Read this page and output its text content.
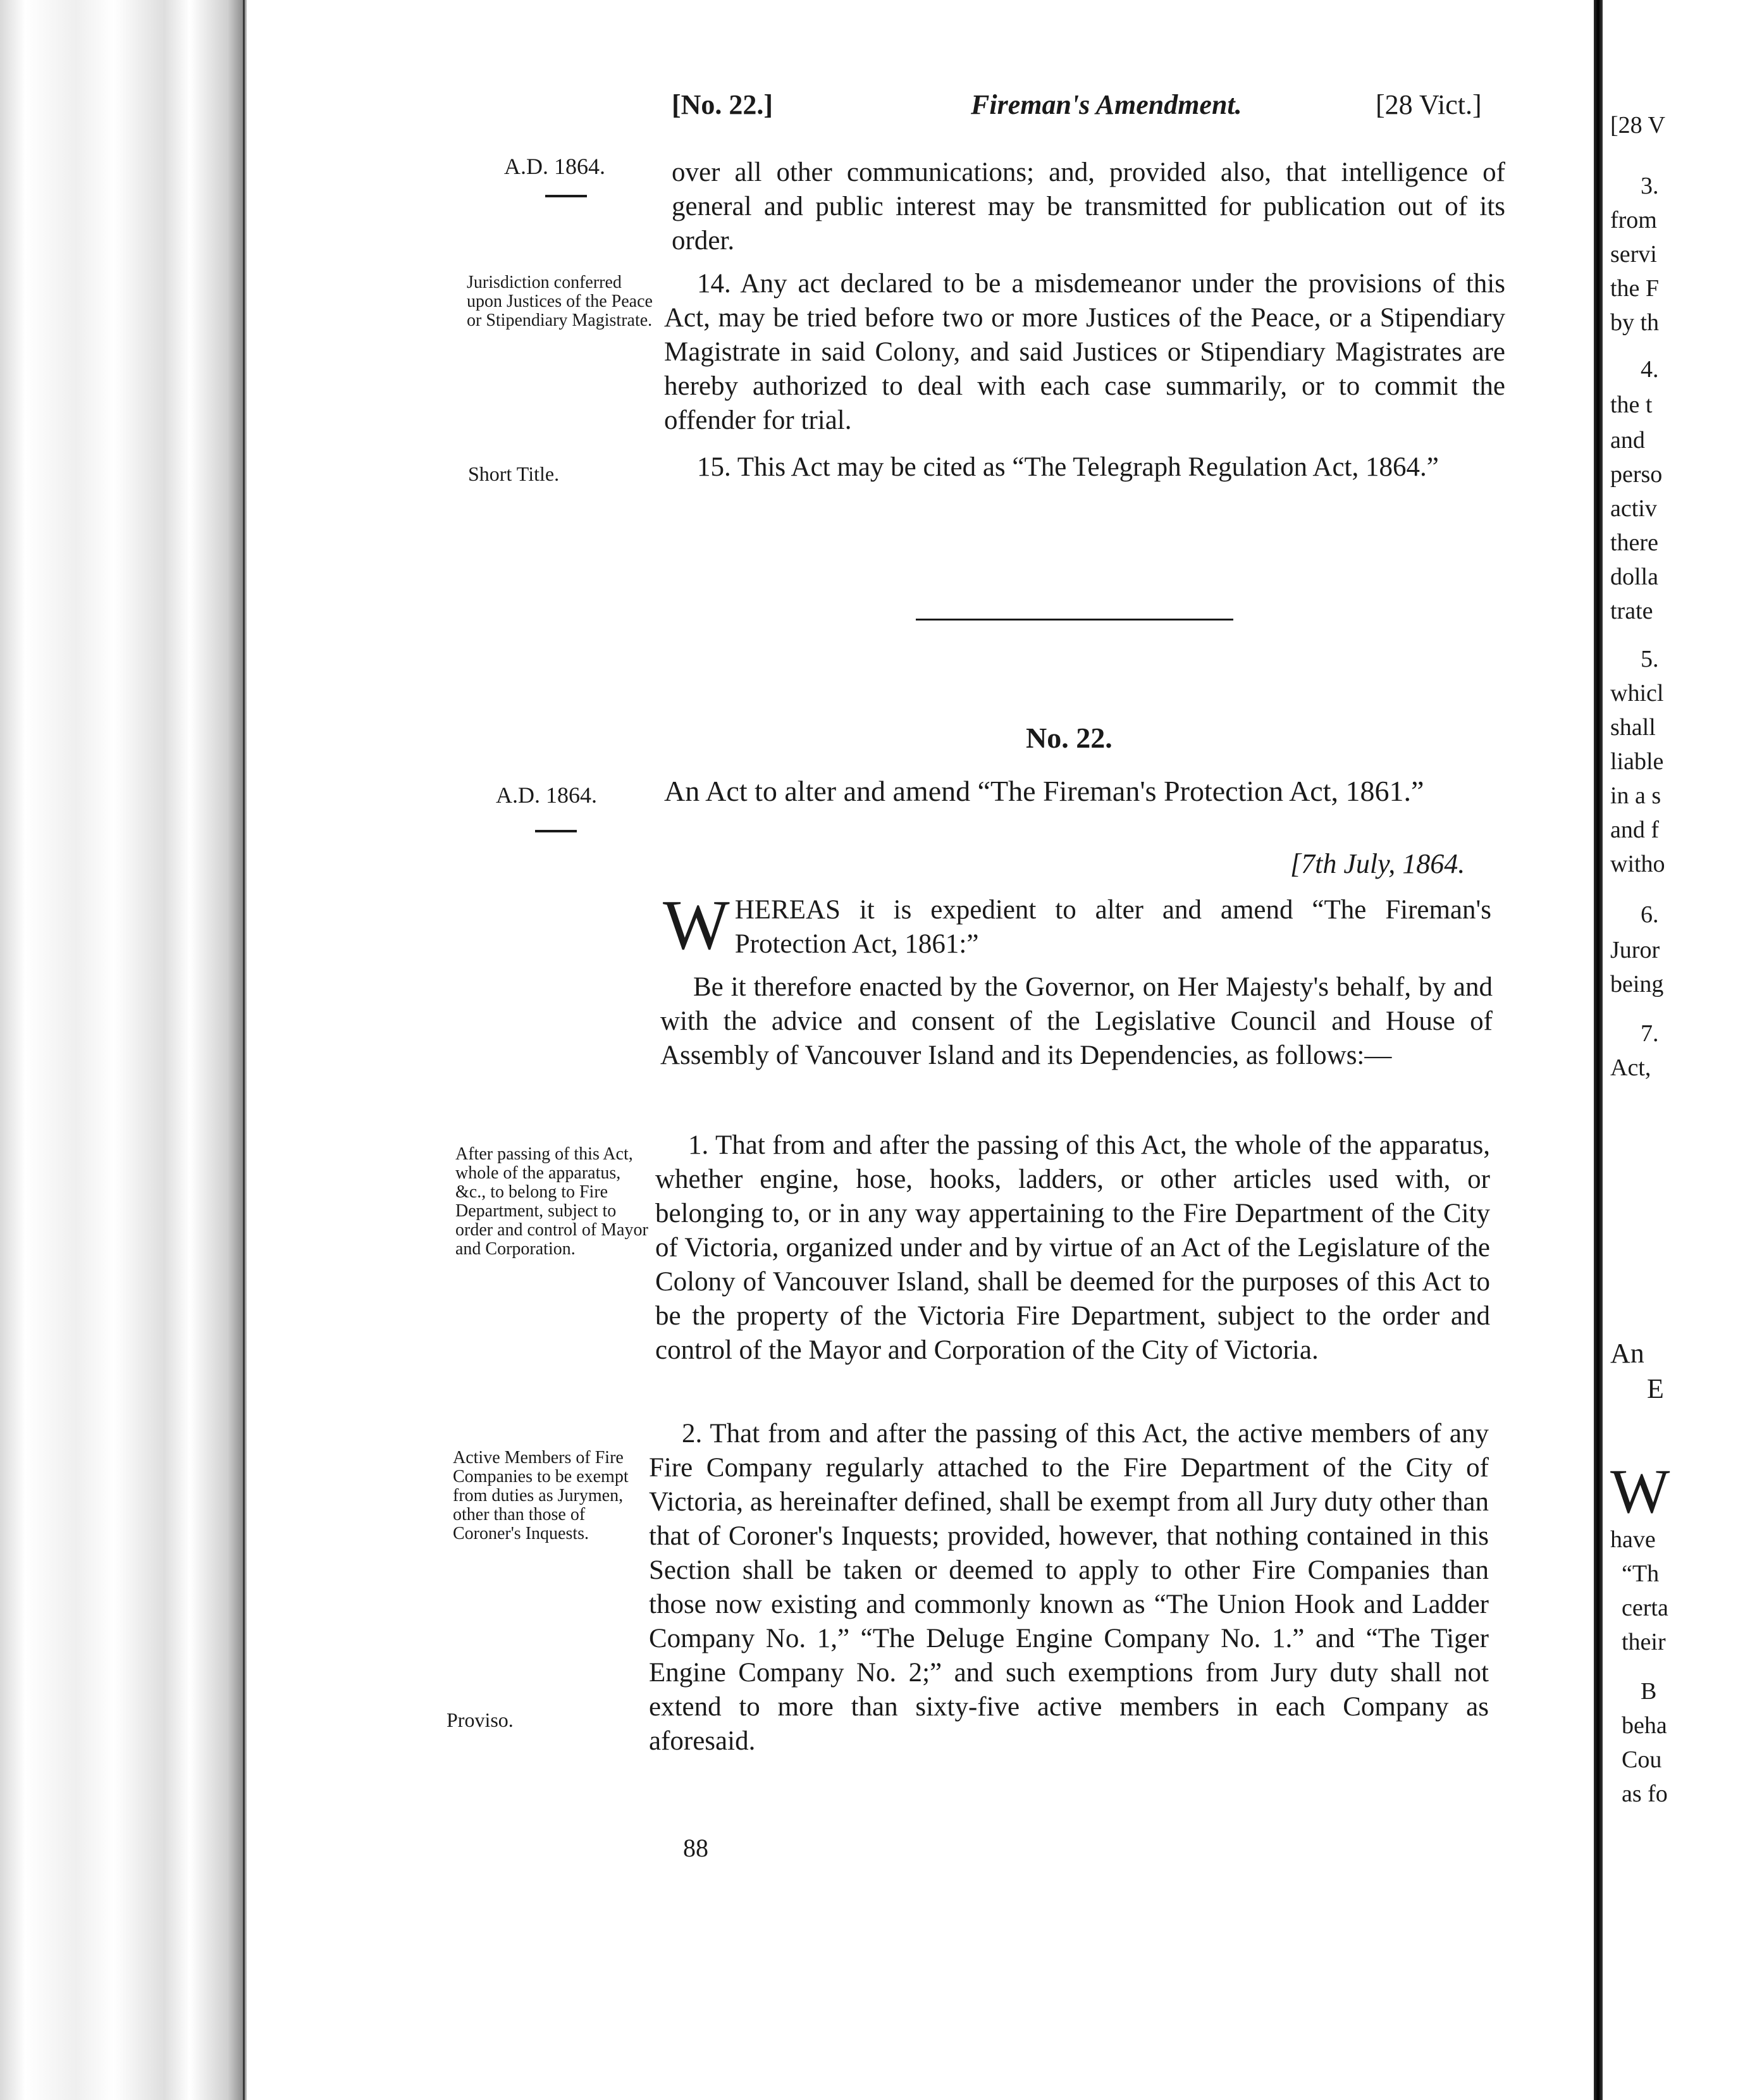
[No. 22.]	Fireman's Amendment.	[28 Vict.]
A.D. 1864. over all other communications; and, provided also, that intelligence of general and public interest may be transmitted for publication out of its order.

Jurisdiction conferred upon Justices of the Peace or Stipendiary Magistrate.

14. Any act declared to be a misdemeanor under the provisions of this Act, may be tried before two or more Justices of the Peace, or a Stipendiary Magistrate in said Colony, and said Justices or Stipendiary Magistrates are hereby authorized to deal with each case summarily, or to commit the offender for trial.

Short Title.	15. This Act may be cited as “The Telegraph Regulation Act, 1864.”

No. 22.
A.D. 1864. An Act to alter and amend “The Fireman's Protection Act, 1861.”
[7th July, 1864.
W HEREAS it is expedient to alter and amend “The Fireman's Protection Act, 1861:”

Be it therefore enacted by the Governor, on Her Majesty's behalf, by and with the advice and consent of the Legislative Council and House of Assembly of Vancouver Island and its Dependencies, as follows:—

After passing of this Act, whole of the apparatus, &c., to belong to Fire Department, subject to order and control of Mayor and Corporation.

1. That from and after the passing of this Act, the whole of the apparatus, whether engine, hose, hooks, ladders, or other articles used with, or belonging to, or in any way appertaining to the Fire Department of the City of Victoria, organized under and by virtue of an Act of the Legislature of the Colony of Vancouver Island, shall be deemed for the purposes of this Act to be the property of the Victoria Fire Department, subject to the order and control of the Mayor and Corporation of the City of Victoria.

Active Members of Fire Companies to be exempt from duties as Jurymen, other than those of Coroner's Inquests.

2. That from and after the passing of this Act, the active members of any Fire Company regularly attached to the Fire Department of the City of Victoria, as hereinafter defined, shall be exempt from all Jury duty other than that of Coroner's Inquests; provided, however, that nothing contained in this Section shall be taken or deemed to apply to other Fire Companies than those now existing and commonly known as “The Union Hook and Ladder Company No. 1,” “The Deluge Engine Company No. 1.” and “The Tiger Engine Company No. 2;” and such exemptions from Jury duty shall not extend to more than sixty-five active members in each Company as aforesaid.

Proviso.
88
[28 V
3.
from
servi
the F
by th
4.
the t
and
perso
activ
there
dolla
trate
5.
whicl
shall
liable
in a s
and f
witho
6.
Juror
being
7.
Act,
An
E
W
have
“Th
certa
their
B
beha
Cou
as fo
